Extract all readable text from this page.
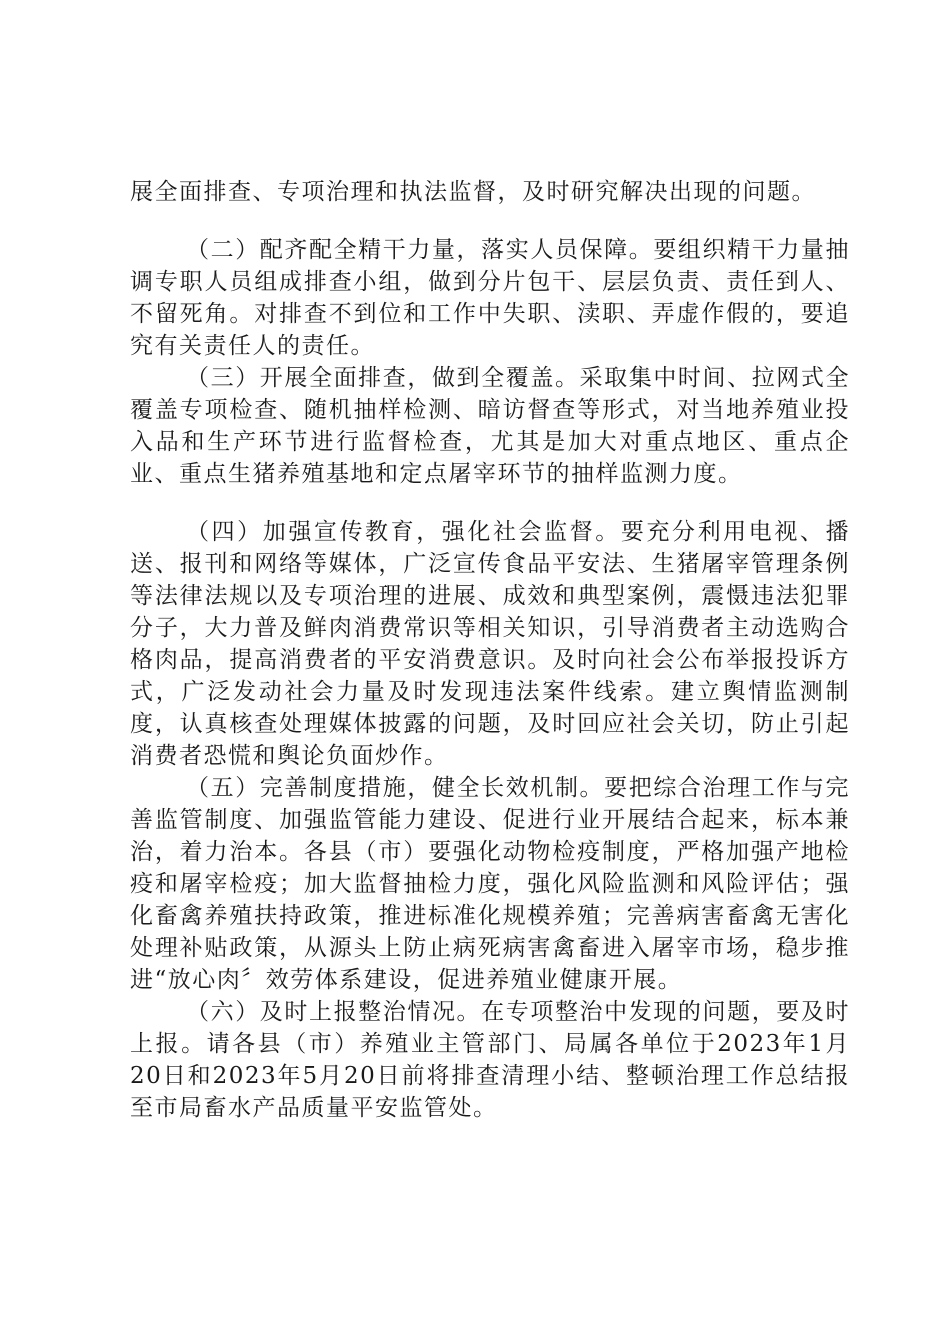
展全面排查、专项治理和执法监督，及时研究解决出现的问题。

（二）配齐配全精干力量，落实人员保障。要组织精干力量抽调专职人员组成排查小组，做到分片包干、层层负责、责任到人、不留死角。对排查不到位和工作中失职、渎职、弄虚作假的，要追究有关责任人的责任。

（三）开展全面排查，做到全覆盖。采取集中时间、拉网式全覆盖专项检查、随机抽样检测、暗访督查等形式，对当地养殖业投入品和生产环节进行监督检查，尤其是加大对重点地区、重点企业、重点生猪养殖基地和定点屠宰环节的抽样监测力度。

（四）加强宣传教育，强化社会监督。要充分利用电视、播送、报刊和网络等媒体，广泛宣传食品平安法、生猪屠宰管理条例等法律法规以及专项治理的进展、成效和典型案例，震慑违法犯罪分子，大力普及鲜肉消费常识等相关知识，引导消费者主动选购合格肉品，提高消费者的平安消费意识。及时向社会公布举报投诉方式，广泛发动社会力量及时发现违法案件线索。建立舆情监测制度，认真核查处理媒体披露的问题，及时回应社会关切，防止引起消费者恐慌和舆论负面炒作。

（五）完善制度措施，健全长效机制。要把综合治理工作与完善监管制度、加强监管能力建设、促进行业开展结合起来，标本兼治，着力治本。各县（市）要强化动物检疫制度，严格加强产地检疫和屠宰检疫；加大监督抽检力度，强化风险监测和风险评估；强化畜禽养殖扶持政策，推进标准化规模养殖；完善病害畜禽无害化处理补贴政策，从源头上防止病死病害禽畜进入屠宰市场，稳步推进“放心肉〞效劳体系建设，促进养殖业健康开展。

（六）及时上报整治情况。在专项整治中发现的问题，要及时上报。请各县（市）养殖业主管部门、局属各单位于2023年1月20日和2023年5月20日前将排查清理小结、整顿治理工作总结报至市局畜水产品质量平安监管处。
